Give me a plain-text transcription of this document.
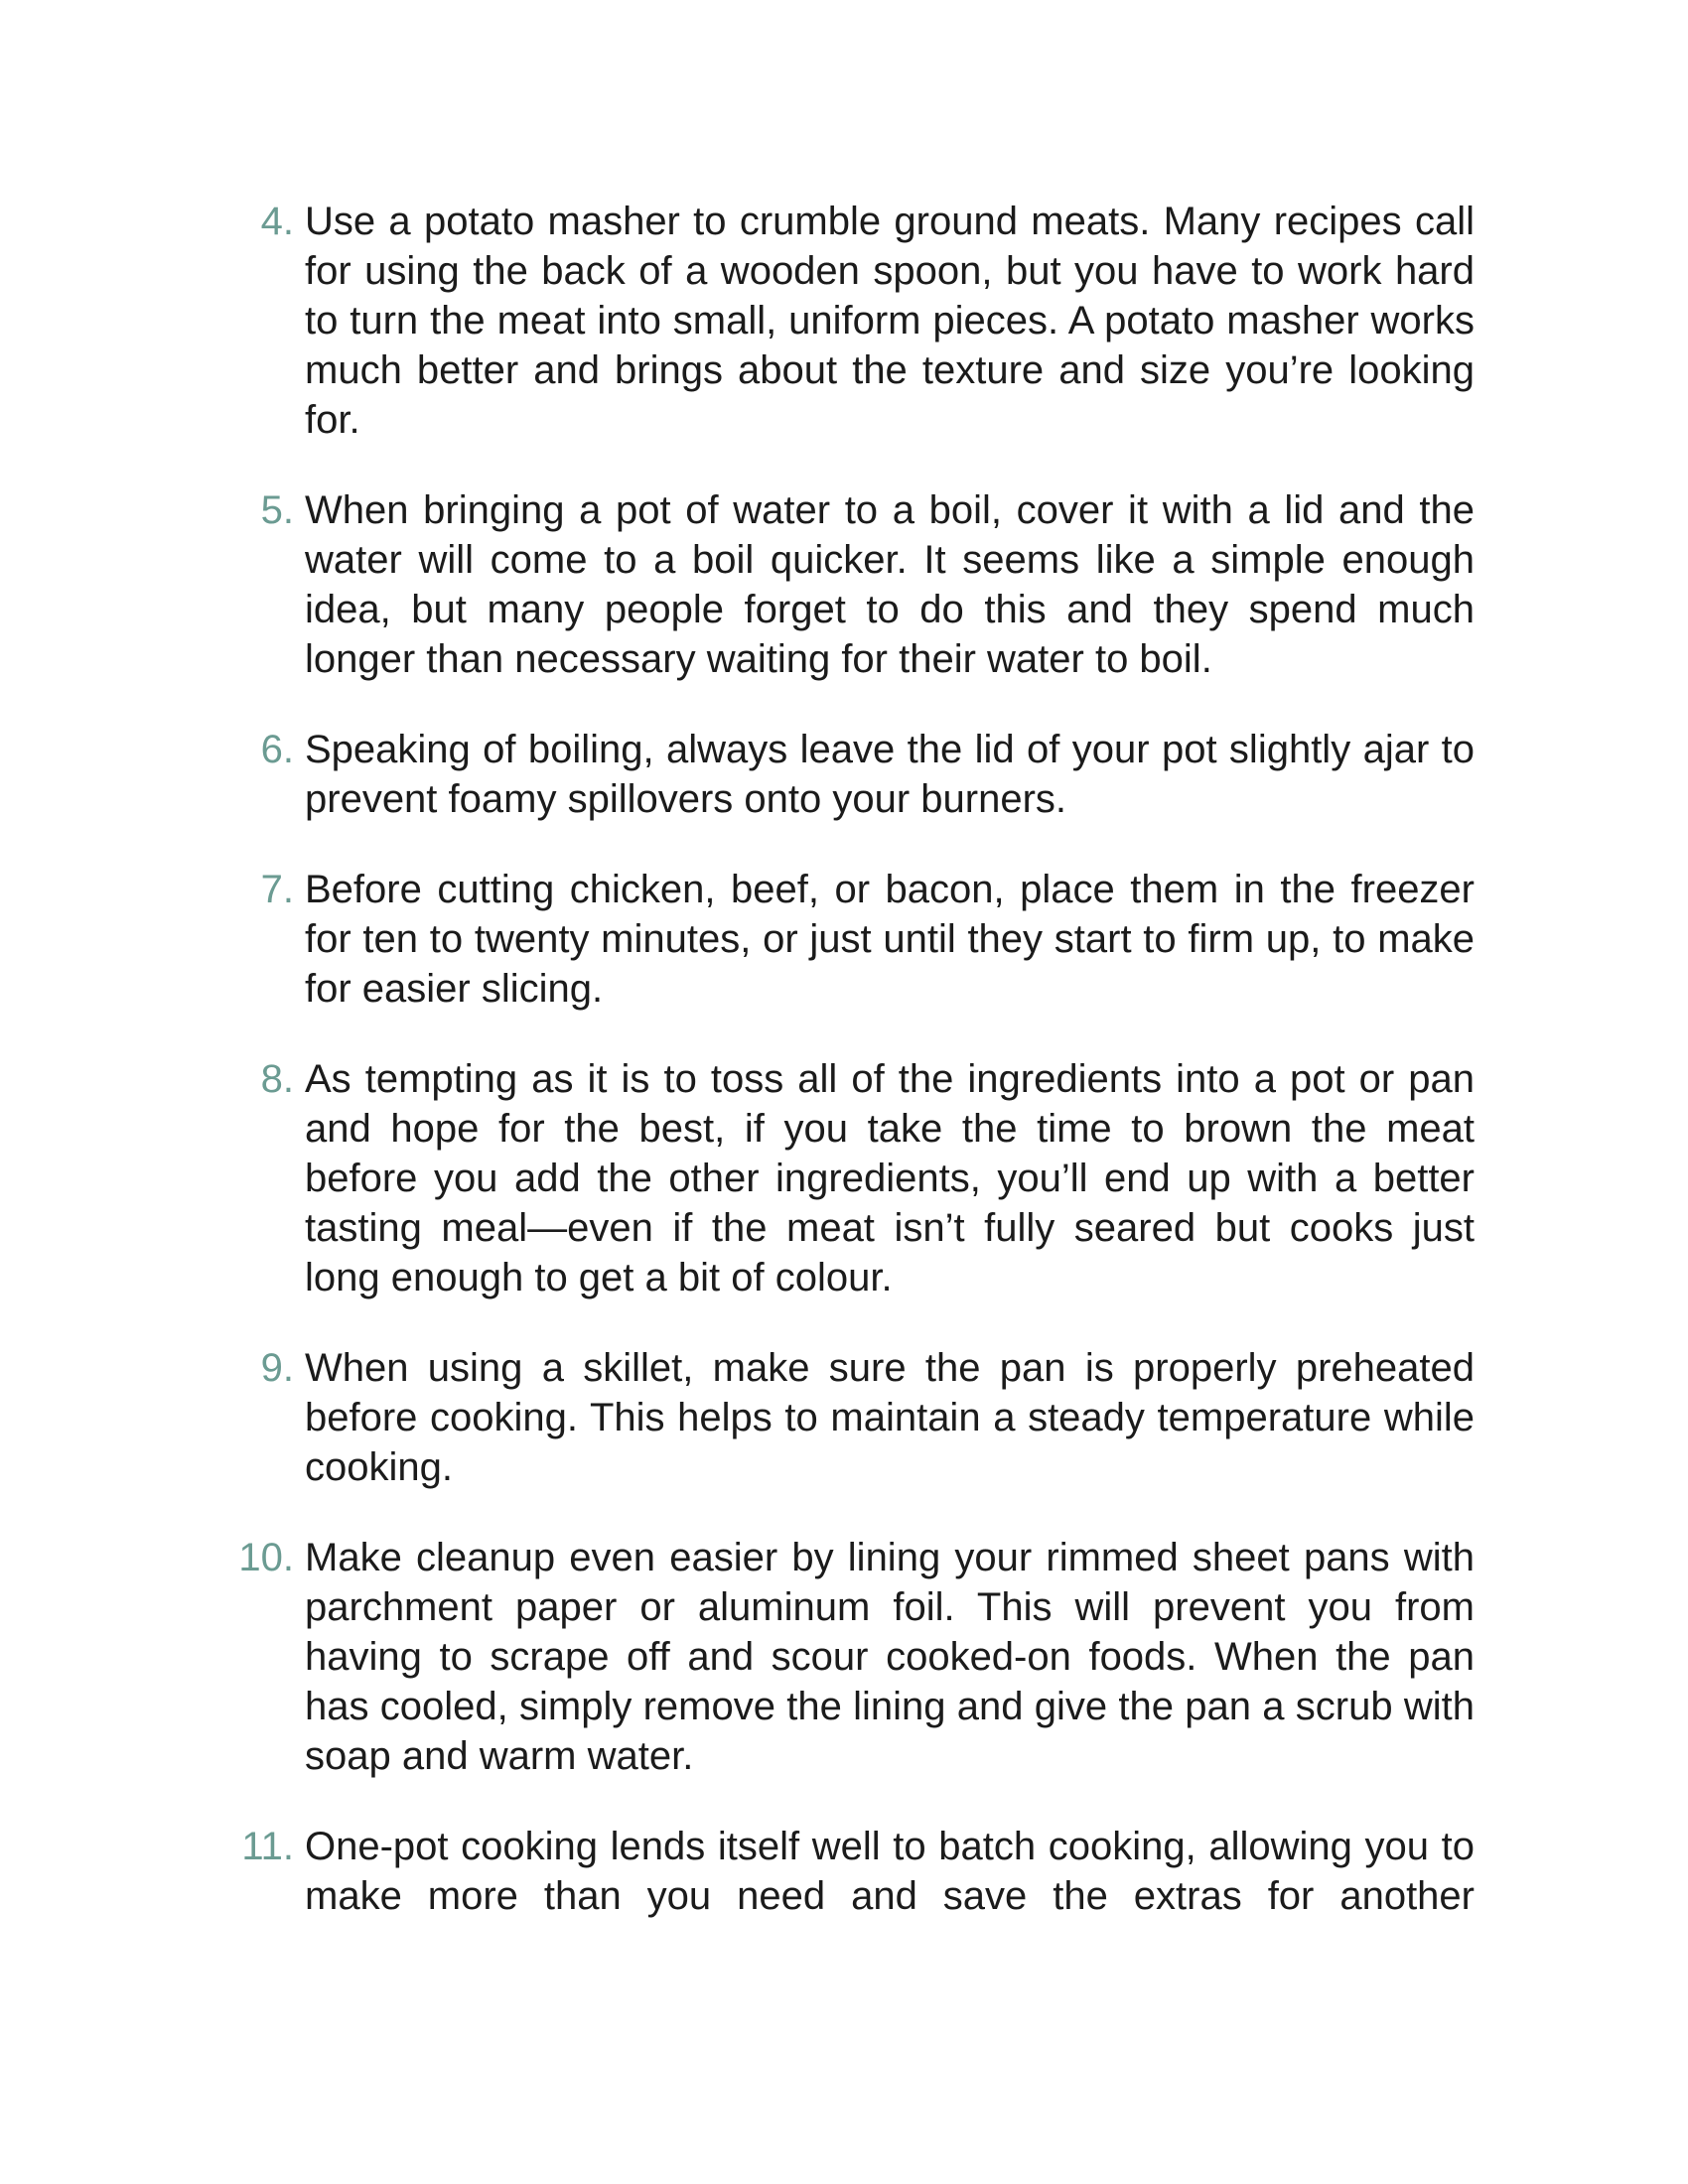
4. Use a potato masher to crumble ground meats. Many recipes call for using the back of a wooden spoon, but you have to work hard to turn the meat into small, uniform pieces. A potato masher works much better and brings about the texture and size you’re looking for.
5. When bringing a pot of water to a boil, cover it with a lid and the water will come to a boil quicker. It seems like a simple enough idea, but many people forget to do this and they spend much longer than necessary waiting for their water to boil.
6. Speaking of boiling, always leave the lid of your pot slightly ajar to prevent foamy spillovers onto your burners.
7. Before cutting chicken, beef, or bacon, place them in the freezer for ten to twenty minutes, or just until they start to firm up, to make for easier slicing.
8. As tempting as it is to toss all of the ingredients into a pot or pan and hope for the best, if you take the time to brown the meat before you add the other ingredients, you’ll end up with a better tasting meal—even if the meat isn’t fully seared but cooks just long enough to get a bit of colour.
9. When using a skillet, make sure the pan is properly preheated before cooking. This helps to maintain a steady temperature while cooking.
10. Make cleanup even easier by lining your rimmed sheet pans with parchment paper or aluminum foil. This will prevent you from having to scrape off and scour cooked-on foods. When the pan has cooled, simply remove the lining and give the pan a scrub with soap and warm water.
11. One-pot cooking lends itself well to batch cooking, allowing you to make more than you need and save the extras for another
